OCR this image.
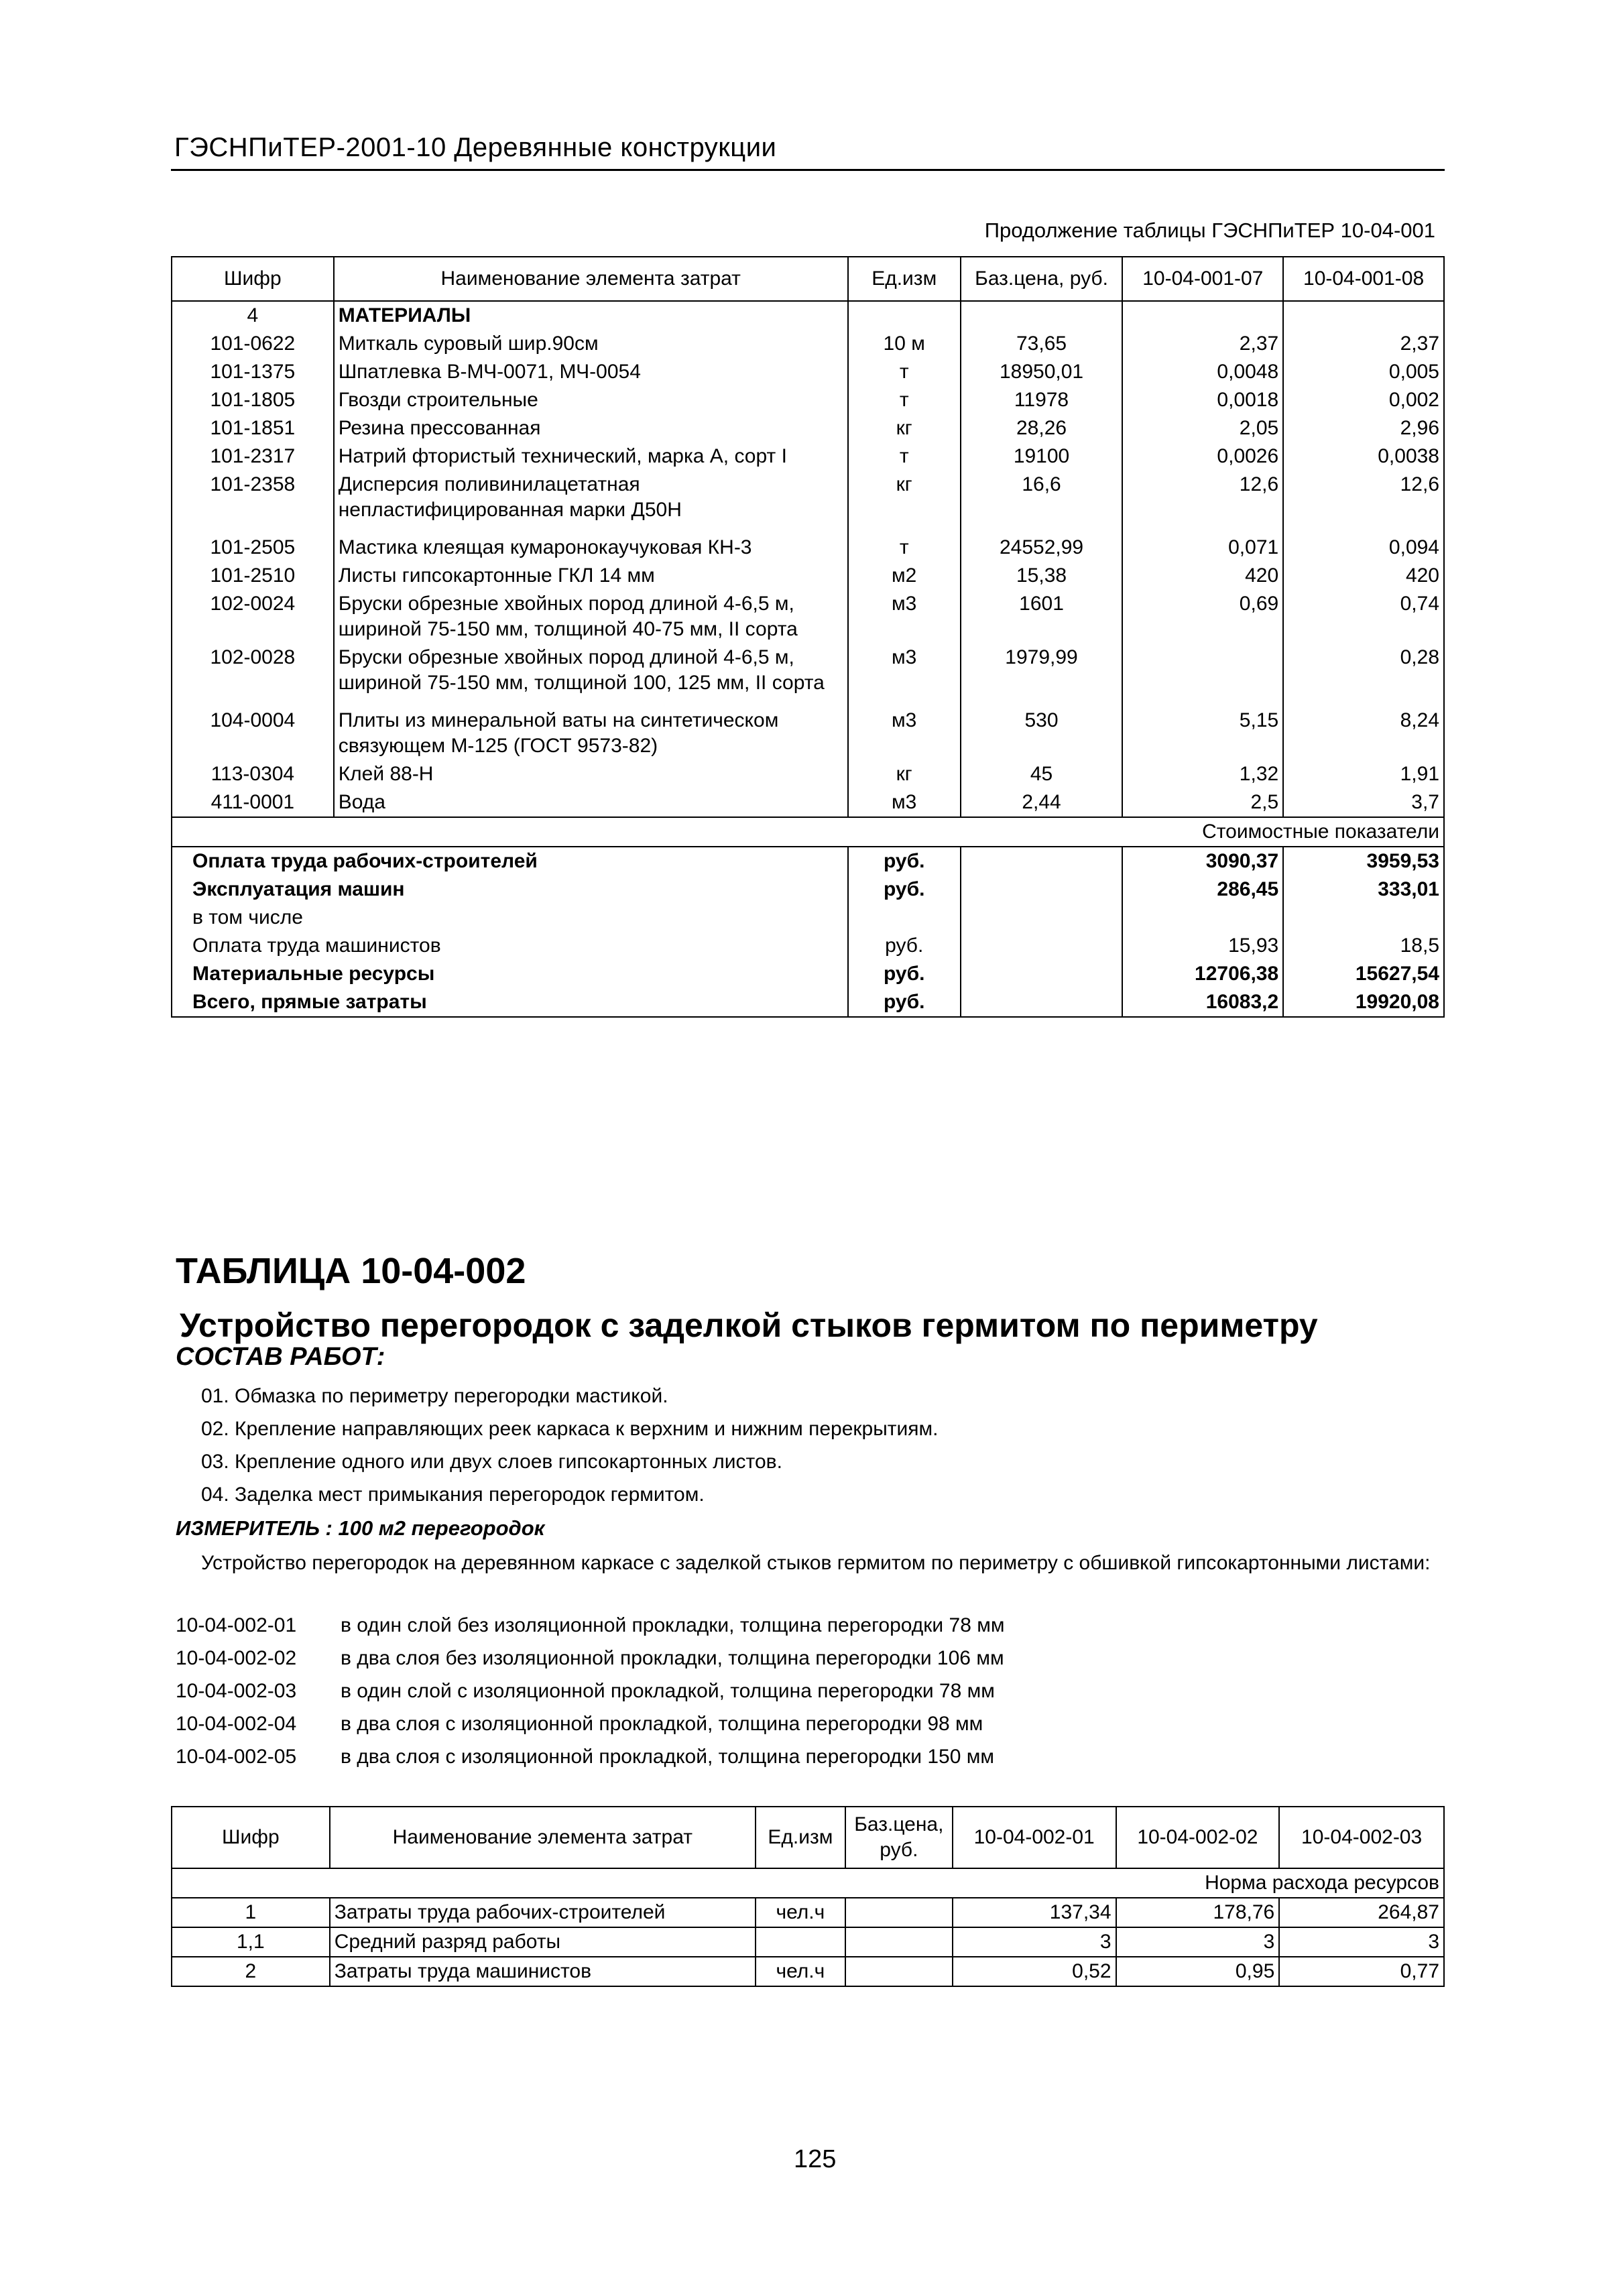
ГЭСНПиТЕР-2001-10 Деревянные конструкции
Продолжение таблицы ГЭСНПиТЕР 10-04-001
Шифр	Наименование элемента затрат	Ед.изм	Баз.цена, руб.	10-04-001-07	10-04-001-08
4	МАТЕРИАЛЫ				
101-0622	Миткаль суровый шир.90см	10 м	73,65	2,37	2,37
101-1375	Шпатлевка В-МЧ-0071, МЧ-0054	т	18950,01	0,0048	0,005
101-1805	Гвозди строительные	т	11978	0,0018	0,002
101-1851	Резина прессованная	кг	28,26	2,05	2,96
101-2317	Натрий фтористый технический, марка А, сорт I	т	19100	0,0026	0,0038
101-2358	Дисперсия поливинилацетатная непластифицированная марки Д50Н	кг	16,6	12,6	12,6
101-2505	Мастика клеящая кумаронокаучуковая КН-3	т	24552,99	0,071	0,094
101-2510	Листы гипсокартонные ГКЛ 14 мм	м2	15,38	420	420
102-0024	Бруски обрезные хвойных пород длиной 4-6,5 м, шириной 75-150 мм, толщиной 40-75 мм, II сорта	м3	1601	0,69	0,74
102-0028	Бруски обрезные хвойных пород длиной 4-6,5 м, шириной 75-150 мм, толщиной 100, 125 мм, II сорта	м3	1979,99		0,28
104-0004	Плиты из минеральной ваты на синтетическом связующем М-125 (ГОСТ 9573-82)	м3	530	5,15	8,24
113-0304	Клей 88-Н	кг	45	1,32	1,91
411-0001	Вода	м3	2,44	2,5	3,7
Стоимостные показатели					
Оплата труда рабочих-строителей		руб.		3090,37	3959,53
Эксплуатация машин		руб.		286,45	333,01
в том числе					
Оплата труда машинистов		руб.		15,93	18,5
Материальные ресурсы		руб.		12706,38	15627,54
Всего, прямые затраты		руб.		16083,2	19920,08
ТАБЛИЦА 10-04-002
Устройство перегородок с заделкой стыков гермитом по периметру
СОСТАВ РАБОТ:
01. Обмазка по периметру перегородки мастикой.
02. Крепление направляющих реек каркаса к верхним и нижним перекрытиям.
03. Крепление одного или двух слоев гипсокартонных листов.
04. Заделка мест примыкания перегородок гермитом.
ИЗМЕРИТЕЛЬ : 100 м2 перегородок
Устройство перегородок на деревянном каркасе с заделкой стыков гермитом по периметру с обшивкой гипсокартонными листами:
10-04-002-01 в один слой без изоляционной прокладки, толщина перегородки 78 мм
10-04-002-02 в два слоя без изоляционной прокладки, толщина перегородки 106 мм
10-04-002-03 в один слой с изоляционной прокладкой, толщина перегородки 78 мм
10-04-002-04 в два слоя с изоляционной прокладкой, толщина перегородки 98 мм
10-04-002-05 в два слоя с изоляционной прокладкой, толщина перегородки 150 мм
Шифр	Наименование элемента затрат	Ед.изм	Баз.цена, руб.	10-04-002-01	10-04-002-02	10-04-002-03
Норма расхода ресурсов						
1	Затраты труда рабочих-строителей	чел.ч		137,34	178,76	264,87
1,1	Средний разряд работы			3	3	3
2	Затраты труда машинистов	чел.ч		0,52	0,95	0,77
125
